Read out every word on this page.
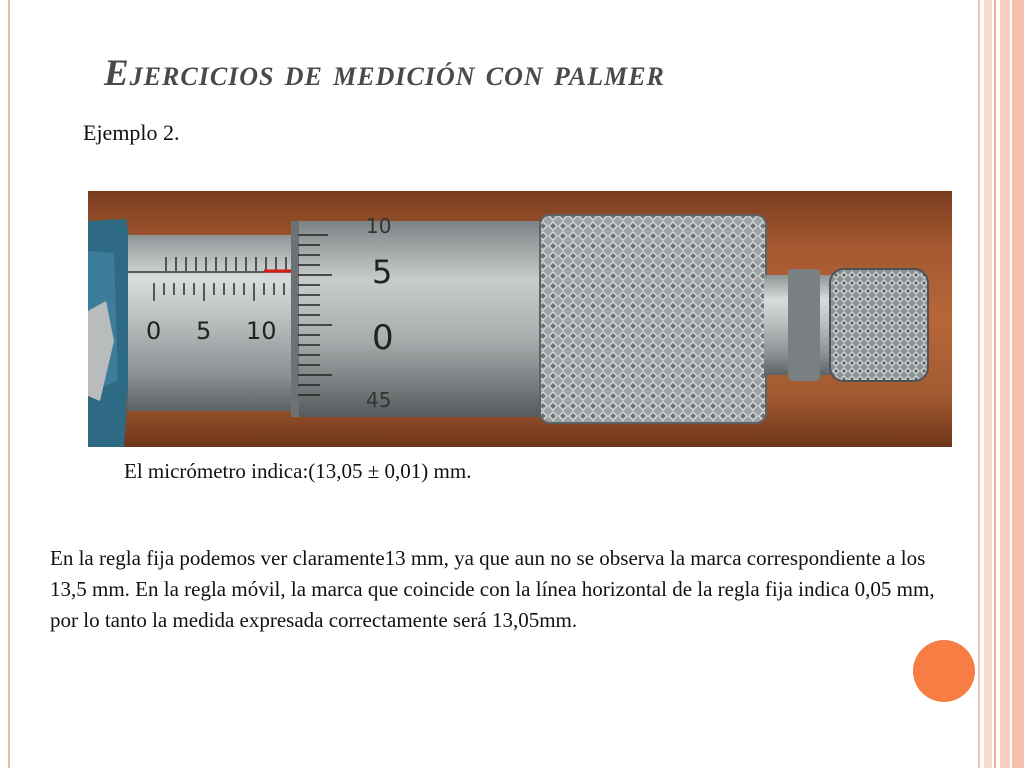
Ejercicios de medición con palmer
Ejemplo 2.
0 5 10
10
5
0
45
El micrómetro indica:(13,05 ± 0,01) mm.
En la regla fija podemos ver claramente13 mm, ya que aun no se observa la marca correspondiente a los 13,5 mm. En la regla móvil, la marca que coincide con la línea horizontal de la regla fija indica 0,05 mm, por lo tanto la medida expresada correctamente será 13,05mm.
